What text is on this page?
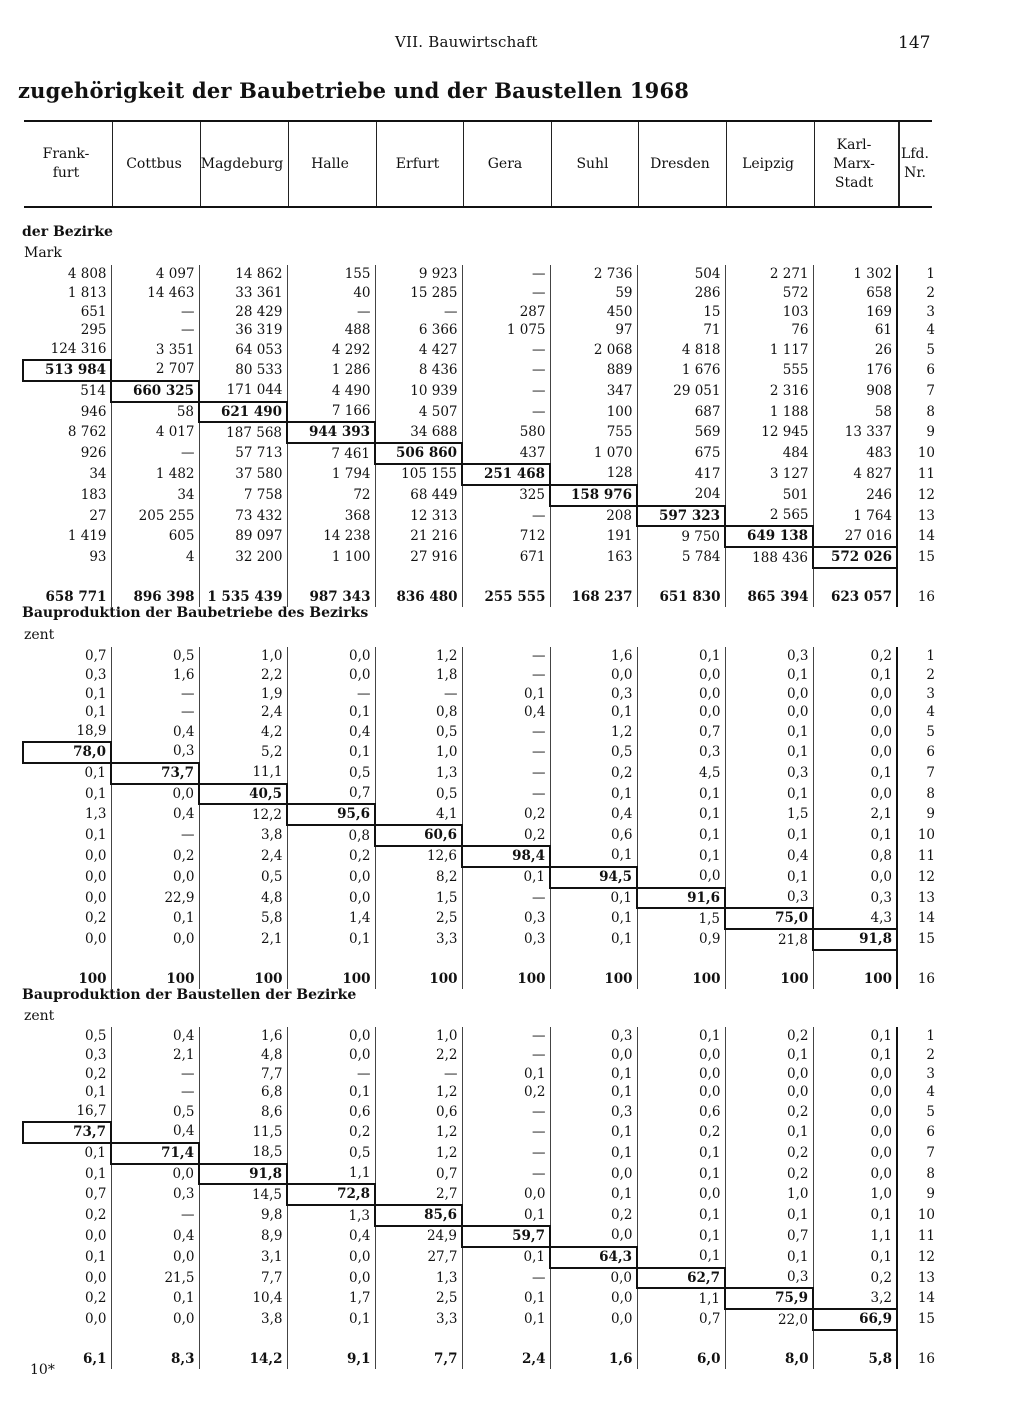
VII. Bauwirtschaft	147
zugehörigkeit der Baubetriebe und der Baustellen 1968
Frank-
furt
Cottbus	Magdeburg	Halle	Erfurt	Gera	Suhl	Dresden	Leipzig
Karl-
Marx-
Stadt
Lfd.
Nr.
der Bezirke
Mark
4 808	4 097	14 862	155	9 923	—	2 736	504	2 271	1 302	1
1 813	14 463	33 361	40	15 285	—	59	286	572	658	2
651	—	28 429	—	—	287	450	15	103	169	3
295	—	36 319	488	6 366	1 075	97	71	76	61	4
124 316	3 351	64 053	4 292	4 427	—	2 068	4 818	1 117	26	5
513 984	2 707	80 533	1 286	8 436	—	889	1 676	555	176	6
514	660 325	171 044	4 490	10 939	—	347	29 051	2 316	908	7
946	58	621 490	7 166	4 507	—	100	687	1 188	58	8
8 762	4 017	187 568	944 393	34 688	580	755	569	12 945	13 337	9
926	—	57 713	7 461	506 860	437	1 070	675	484	483	10
34	1 482	37 580	1 794	105 155	251 468	128	417	3 127	4 827	11
183	34	7 758	72	68 449	325	158 976	204	501	246	12
27	205 255	73 432	368	12 313	—	208	597 323	2 565	1 764	13
1 419	605	89 097	14 238	21 216	712	191	9 750	649 138	27 016	14
93	4	32 200	1 100	27 916	671	163	5 784	188 436	572 026	15
658 771	896 398	1 535 439	987 343	836 480	255 555	168 237	651 830	865 394	623 057	16
Bauproduktion der Baubetriebe des Bezirks
zent
0,7	0,5	1,0	0,0	1,2	—	1,6	0,1	0,3	0,2	1
0,3	1,6	2,2	0,0	1,8	—	0,0	0,0	0,1	0,1	2
0,1	—	1,9	—	—	0,1	0,3	0,0	0,0	0,0	3
0,1	—	2,4	0,1	0,8	0,4	0,1	0,0	0,0	0,0	4
18,9	0,4	4,2	0,4	0,5	—	1,2	0,7	0,1	0,0	5
78,0	0,3	5,2	0,1	1,0	—	0,5	0,3	0,1	0,0	6
0,1	73,7	11,1	0,5	1,3	—	0,2	4,5	0,3	0,1	7
0,1	0,0	40,5	0,7	0,5	—	0,1	0,1	0,1	0,0	8
1,3	0,4	12,2	95,6	4,1	0,2	0,4	0,1	1,5	2,1	9
0,1	—	3,8	0,8	60,6	0,2	0,6	0,1	0,1	0,1	10
0,0	0,2	2,4	0,2	12,6	98,4	0,1	0,1	0,4	0,8	11
0,0	0,0	0,5	0,0	8,2	0,1	94,5	0,0	0,1	0,0	12
0,0	22,9	4,8	0,0	1,5	—	0,1	91,6	0,3	0,3	13
0,2	0,1	5,8	1,4	2,5	0,3	0,1	1,5	75,0	4,3	14
0,0	0,0	2,1	0,1	3,3	0,3	0,1	0,9	21,8	91,8	15
100	100	100	100	100	100	100	100	100	100	16
Bauproduktion der Baustellen der Bezirke
zent
0,5	0,4	1,6	0,0	1,0	—	0,3	0,1	0,2	0,1	1
0,3	2,1	4,8	0,0	2,2	—	0,0	0,0	0,1	0,1	2
0,2	—	7,7	—	—	0,1	0,1	0,0	0,0	0,0	3
0,1	—	6,8	0,1	1,2	0,2	0,1	0,0	0,0	0,0	4
16,7	0,5	8,6	0,6	0,6	—	0,3	0,6	0,2	0,0	5
73,7	0,4	11,5	0,2	1,2	—	0,1	0,2	0,1	0,0	6
0,1	71,4	18,5	0,5	1,2	—	0,1	0,1	0,2	0,0	7
0,1	0,0	91,8	1,1	0,7	—	0,0	0,1	0,2	0,0	8
0,7	0,3	14,5	72,8	2,7	0,0	0,1	0,0	1,0	1,0	9
0,2	—	9,8	1,3	85,6	0,1	0,2	0,1	0,1	0,1	10
0,0	0,4	8,9	0,4	24,9	59,7	0,0	0,1	0,7	1,1	11
0,1	0,0	3,1	0,0	27,7	0,1	64,3	0,1	0,1	0,1	12
0,0	21,5	7,7	0,0	1,3	—	0,0	62,7	0,3	0,2	13
0,2	0,1	10,4	1,7	2,5	0,1	0,0	1,1	75,9	3,2	14
0,0	0,0	3,8	0,1	3,3	0,1	0,0	0,7	22,0	66,9	15
6,1	8,3	14,2	9,1	7,7	2,4	1,6	6,0	8,0	5,8	16
10*
